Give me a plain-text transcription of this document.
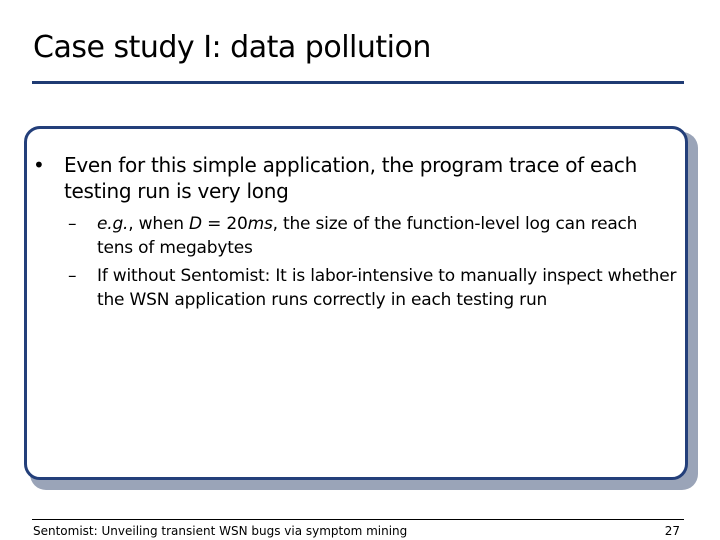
Case study I: data pollution
• Even for this simple application, the program trace of each testing run is very long
– e.g., when D = 20ms, the size of the function-level log can reach tens of megabytes
– If without Sentomist: It is labor-intensive to manually inspect whether the WSN application runs correctly in each testing run
Sentomist: Unveiling transient WSN bugs via symptom mining	27
